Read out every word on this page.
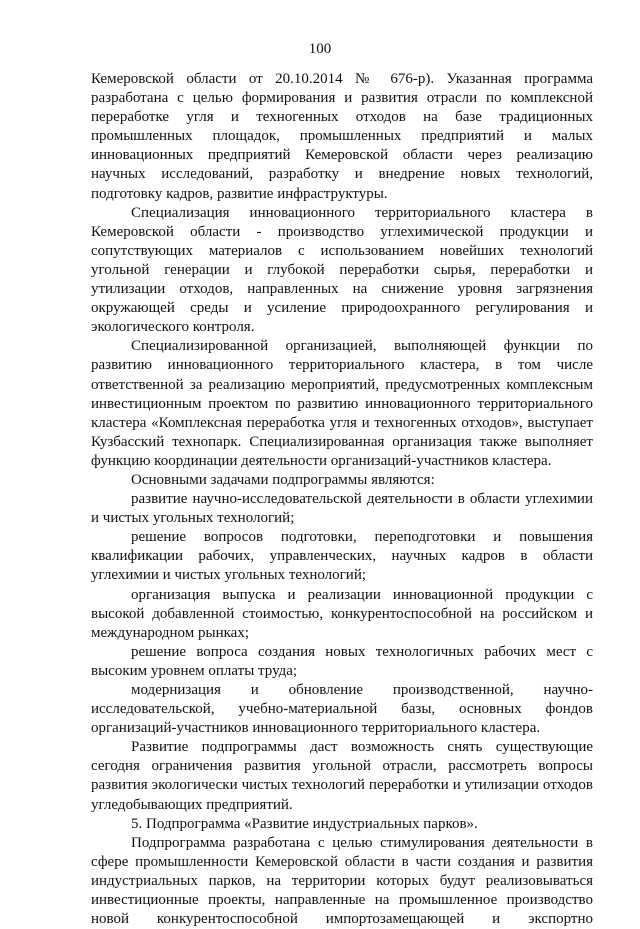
100

Кемеровской области от 20.10.2014 № 676-р). Указанная программа разработана с целью формирования и развития отрасли по комплексной переработке угля и техногенных отходов на базе традиционных промышленных площадок, промышленных предприятий и малых инновационных предприятий Кемеровской области через реализацию научных исследований, разработку и внедрение новых технологий, подготовку кадров, развитие инфраструктуры.

Специализация инновационного территориального кластера в Кемеровской области - производство углехимической продукции и сопутствующих материалов с использованием новейших технологий угольной генерации и глубокой переработки сырья, переработки и утилизации отходов, направленных на снижение уровня загрязнения окружающей среды и усиление природоохранного регулирования и экологического контроля.

Специализированной организацией, выполняющей функции по развитию инновационного территориального кластера, в том числе ответственной за реализацию мероприятий, предусмотренных комплексным инвестиционным проектом по развитию инновационного территориального кластера «Комплексная переработка угля и техногенных отходов», выступает Кузбасский технопарк. Специализированная организация также выполняет функцию координации деятельности организаций-участников кластера.

Основными задачами подпрограммы являются:

развитие научно-исследовательской деятельности в области углехимии и чистых угольных технологий;

решение вопросов подготовки, переподготовки и повышения квалификации рабочих, управленческих, научных кадров в области углехимии и чистых угольных технологий;

организация выпуска и реализации инновационной продукции с высокой добавленной стоимостью, конкурентоспособной на российском и международном рынках;

решение вопроса создания новых технологичных рабочих мест с высоким уровнем оплаты труда;

модернизация и обновление производственной, научно-исследовательской, учебно-материальной базы, основных фондов организаций-участников инновационного территориального кластера.

Развитие подпрограммы даст возможность снять существующие сегодня ограничения развития угольной отрасли, рассмотреть вопросы развития экологически чистых технологий переработки и утилизации отходов угледобывающих предприятий.

5. Подпрограмма «Развитие индустриальных парков».

Подпрограмма разработана с целью стимулирования деятельности в сфере промышленности Кемеровской области в части создания и развития индустриальных парков, на территории которых будут реализовываться инвестиционные проекты, направленные на промышленное производство новой конкурентоспособной импортозамещающей и экспортно
